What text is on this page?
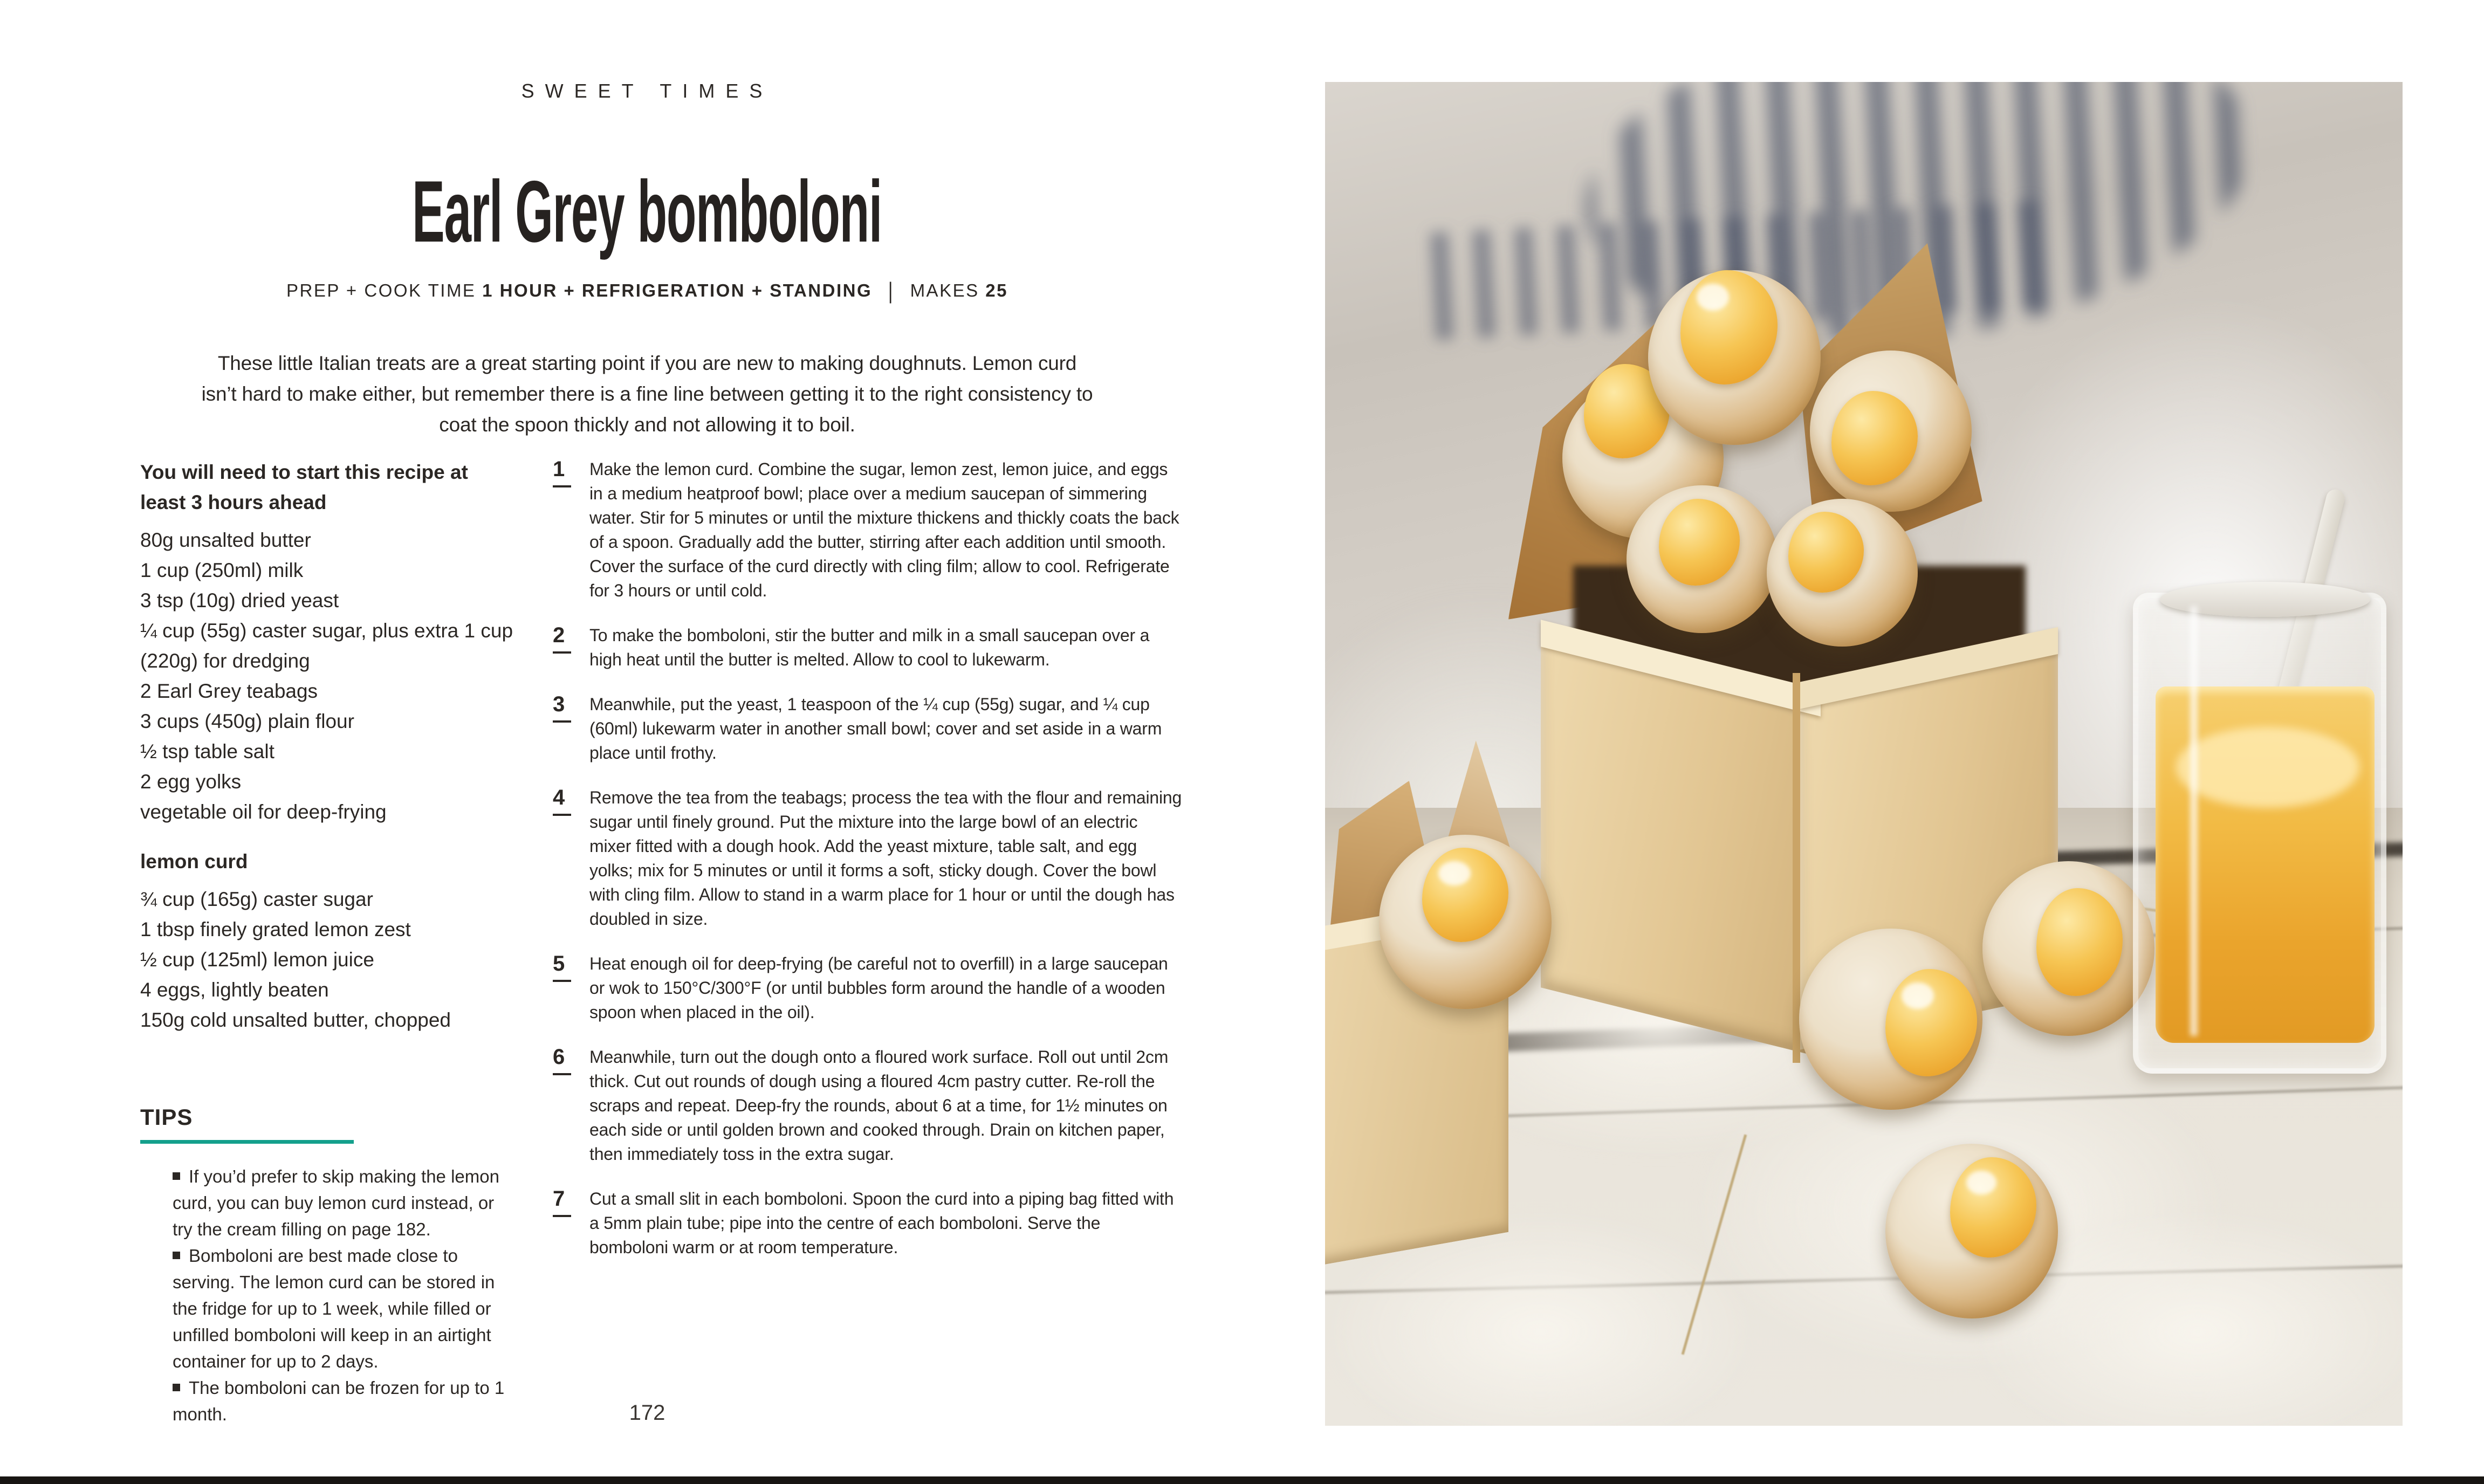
SWEET TIMES
Earl Grey bomboloni
PREP + COOK TIME 1 HOUR + REFRIGERATION + STANDING | MAKES 25

These little Italian treats are a great starting point if you are new to making doughnuts. Lemon curd isn’t hard to make either, but remember there is a fine line between getting it to the right consistency to coat the spoon thickly and not allowing it to boil.

You will need to start this recipe at least 3 hours ahead

80g unsalted butter
1 cup (250ml) milk
3 tsp (10g) dried yeast
¼ cup (55g) caster sugar, plus extra 1 cup (220g) for dredging
2 Earl Grey teabags
3 cups (450g) plain flour
½ tsp table salt
2 egg yolks
vegetable oil for deep-frying

lemon curd

¾ cup (165g) caster sugar
1 tbsp finely grated lemon zest
½ cup (125ml) lemon juice
4 eggs, lightly beaten
150g cold unsalted butter, chopped
TIPS
If you’d prefer to skip making the lemon curd, you can buy lemon curd instead, or try the cream filling on page 182.
Bomboloni are best made close to serving. The lemon curd can be stored in the fridge for up to 1 week, while filled or unfilled bomboloni will keep in an airtight container for up to 2 days.
The bomboloni can be frozen for up to 1 month.
1	Make the lemon curd. Combine the sugar, lemon zest, lemon juice, and eggs in a medium heatproof bowl; place over a medium saucepan of simmering water. Stir for 5 minutes or until the mixture thickens and thickly coats the back of a spoon. Gradually add the butter, stirring after each addition until smooth. Cover the surface of the curd directly with cling film; allow to cool. Refrigerate for 3 hours or until cold.

2	To make the bomboloni, stir the butter and milk in a small saucepan over a high heat until the butter is melted. Allow to cool to lukewarm.

3	Meanwhile, put the yeast, 1 teaspoon of the ¼ cup (55g) sugar, and ¼ cup (60ml) lukewarm water in another small bowl; cover and set aside in a warm place until frothy.

4	Remove the tea from the teabags; process the tea with the flour and remaining sugar until finely ground. Put the mixture into the large bowl of an electric mixer fitted with a dough hook. Add the yeast mixture, table salt, and egg yolks; mix for 5 minutes or until it forms a soft, sticky dough. Cover the bowl with cling film. Allow to stand in a warm place for 1 hour or until the dough has doubled in size.

5	Heat enough oil for deep-frying (be careful not to overfill) in a large saucepan or wok to 150°C/300°F (or until bubbles form around the handle of a wooden spoon when placed in the oil).

6	Meanwhile, turn out the dough onto a floured work surface. Roll out until 2cm thick. Cut out rounds of dough using a floured 4cm pastry cutter. Re-roll the scraps and repeat. Deep-fry the rounds, about 6 at a time, for 1½ minutes on each side or until golden brown and cooked through. Drain on kitchen paper, then immediately toss in the extra sugar.

7	Cut a small slit in each bomboloni. Spoon the curd into a piping bag fitted with a 5mm plain tube; pipe into the centre of each bomboloni. Serve the bomboloni warm or at room temperature.

172
